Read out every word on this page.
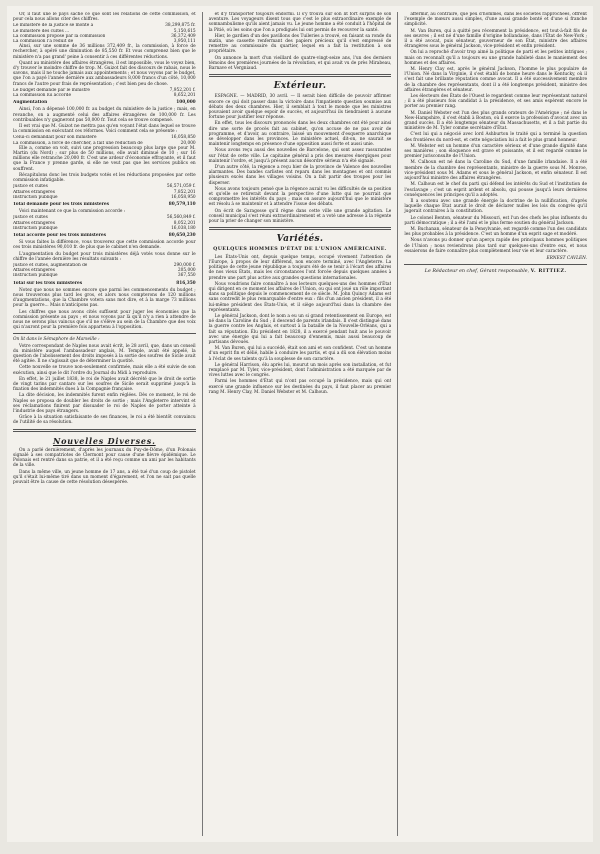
Or, il faut une le pays sache ce que sont les relations de cette commission, et pour cela nous allons citer des chiffres.

Le ministère de la justice se monte à	38,299,875 fr.
Le ministère des cultes ...	5,150,615
La commission propose par la commission	36,372,409
La commission l'a réduit de	3,950,111

Ainsi, sur une somme de 36 millions 372,409 fr., la commission, à force de rechercher, à opéré une diminution de 85,550 fr. Et vous comprenez bien que le ministère n'a pas grand' peine à consentir à ces différentes réductions.

Quant au ministère des affaires étrangères, il est impossible, vous le voyez bien, d'y trouver le moindre chiffre de trop. M. Guizot fait des discours de rabais, nous le savons, mais il ne touche jamais aux appointements ; et nous voyons par le budget, que l'on a payé l'année dernière aux ambassadeurs 8,000 francs d'un côté, 10,000 francs de l'autre pour frais de représentation ; c'est bien peu de chose.

Le budget demandé par le ministre	7,952,201 f.
La commission lui accorde	8,652,201
Augmentation	100,000

Ainsi, l'on a dépensé 100,000 fr. au budget du ministère de la justice ; mais, en revanche, on a augmenté celui des affaires étrangères de 100,000 fr. Les contribuables n'y gagneront pas 50,000 fr. Tout cela se trouve compensé.

Il est vrai que M. Guizot ne mettra pas qu'en voyant l'état dans lequel se trouve la commission en exécutant ces réformes. Voici comment cela se présente :

Celui-ci demandait pour son ministère	16,058,850
La commission, à force de chercher, a fait une réduction de	20,000

Elle a, comme on voit, suivi une progression beaucoup plus large que pour M. Martin (du Nord) ; sur plus de 50 millions, elle avait diminué de 10 ; sur 16 millions elle retranche 20,000 fr. C'est une ardeur d'économie effrayante, et il faut que la France y prenne garde, si elle ne veut pas que les services publics en souffrent.

Récapitulons donc les trois budgets votés et les réductions proposées par cette commission infatigable.

Justice et cultes	56,571,059 f.
Affaires étrangères	7,852,201
Instruction publique	16,058,950
Total demandé pour les trois ministères	80,579,110

Voici maintenant ce que la commission accorde :

Justice et cultes	56,560,849 f.
Affaires étrangères	8,052,201
Instruction publique	16,038,180
Total accordé pour les trois ministères	80,650,230

Si vous faites la différence, vous trouverez que cette commission accorde pour ces trois ministères 90,010 fr. de plus que le cabinet n'en demande.

L'augmentation du budget pour trois ministères déjà votés vous donne sur le chiffre de l'année dernière les résultats suivants :

Justice et cultes, augmentation de	290,000 f.
Affaires étrangères	205,000
Instruction publique	367,550
Total sur les trois ministères	816,350

Notez que nous ne sommes encore que parmi les commencements du budget ; nous trouverons plus tard les gros, et alors nous compterons de 120 millions d'augmentations, que la Chambre votera sans mot dire, et à la marge 73 millions pour la guerre... Mais n'anticipons pas.

Les chiffres que nous avons cités suffisent pour juger les économies que la commission présente au pays ; et nous voyons par là qu'il n'y a rien à attendre de nous ne serons plus vaincus que s'il ne s'élève au sein de la Chambre que des voix qui n'auront pour la première fois appartenu à l'opposition.

On lit dans le Sémaphore de Marseille :

Votre correspondant de Naples nous avait écrit, le 28 avril, que, dans un conseil du ministère auquel l'ambassadeur anglais, M. Temple, avait été appelé, la question de l'abolissement des droits imposés à la sortie des soufres de Sicile avait été agitée. Il ne s'agissait que de déterminer la quotité.

Cette nouvelle se trouve non-seulement confirmée, mais elle a été suivie de son exécution, ainsi que le dit l'ordre du Journal du Midi à reproduire.

En effet, le 21 juillet 1838, le roi de Naples avait décrété que le droit de sortie de vingt tarins par cantaro sur les soufres de Sicile serait supprimé jusqu'à la fixation des indemnités dues à la Compagnie française.

La dite décision, les indemnités furent enfin réglées. Dès ce moment, le roi de Naples se proposa de doubler les droits de sortie ; mais l'Angleterre intervint et ses réclamations finirent par dissuader le roi de Naples de porter atteinte à l'industrie des pays étrangers.

Grâce à la situation satisfaisante de ses finances, le roi a été bientôt convaincu de l'utilité de sa résolution.

Nouvelles Diverses.

On a parlé dernièrement, d'après les journaux du Puy-de-Dôme, d'un Polonais signalé à ses compatriotes de Clermont pour cause d'une fièvre épidémique. Le Polonais est rentré dans sa patrie, et il a été reçu comme un ami par les habitants de la ville.

Dans la même ville, un jeune homme de 17 ans, a été tué d'un coup de pistolet qu'il s'était lui-même tiré dans un moment d'égarement, et l'on ne sait pas quelle pouvait être la cause de cette résolution désespérée.

et d'y transporter toujours endormi. Il s'y trouva sur son lit fort surpris de son aventure. Les voyageurs disent tous que c'est le plus extraordinaire exemple de somnambulisme qu'ils aient jamais vu. Le jeune homme a été conduit à l'hôpital de la Pitié, où les soins que l'on a prodigués lui ont permis de recouvrer la santé.

Hier, le gardien d'un des pavillons des Tuileries a trouvé, en faisant sa ronde du matin, une cassette renfermant des papiers précieux qu'il s'est empressé de remettre au commissaire du quartier, lequel en a fait la restitution à son propriétaire.

On annonce la mort d'un vieillard de quatre-vingt-seize ans, l'un des derniers témoins des premières journées de la révolution, et qui avait vu de près Mirabeau, Barnave et Vergniaud.

Extérieur.

ESPAGNE. — MADRID, 30 avril. — Il serait bien difficile de pouvoir affirmer encore ce qui doit passer dans la victoire dans l'impatiente question soumise aux débats des deux chambres. Hier, il semblait à tout le monde que les ministres pouvaient avoir quelque espoir de succès, et aujourd'hui ils tiendraient à aucune fortune pour justifier leur réponse.

En effet, tous les discours prononcés dans les deux chambres ont été pour ainsi dire une sorte de procès fait au cabinet, qu'on accuse de ne pas avoir de programme, et d'avoir, au contraire, laissé un mouvement d'esquerre anarchique se développer dans les provinces. Le ministère actuel, dit-on, ne saurait se maintenir longtemps en présence d'une opposition aussi forte et aussi unie.

Nous avons reçu aussi des nouvelles de Barcelone, qui sont assez rassurantes sur l'état de cette ville. Le capitaine général a pris des mesures énergiques pour maintenir l'ordre, et jusqu'à présent aucun désordre sérieux n'a été signalé.

D'un autre côté, la régence a reçu hier de la province de Valence des nouvelles alarmantes. Des bandes carlistes ont reparu dans les montagnes et ont commis plusieurs excès dans les villages voisins. On a fait partir des troupes pour les disperser.

Nous avons toujours pensé que la régence aurait vu les difficultés de sa position et qu'elle se retirerait devant la perspective d'une lutte qui ne pourrait que compromettre les intérêts du pays ; mais on assure aujourd'hui que le ministère est résolu à se maintenir et à attendre l'issue des débats.

On écrit de Saragosse qu'il règne dans cette ville une grande agitation. Le conseil municipal s'est réuni extraordinairement et a voté une adresse à la régente pour la prier de changer son ministère.

Variétés.
QUELQUES HOMMES D'ÉTAT DE L'UNION AMÉRICAINE.

Les États-Unis ont, depuis quelque temps, occupé vivement l'attention de l'Europe, à propos de leur différend, non encore terminé, avec l'Angleterre. La politique de cette jeune république a toujours été de se tenir à l'écart des affaires de nos vieux États, mais les circonstances l'ont forcée depuis quelques années à prendre une part plus active aux grandes questions internationales.

Nous voudrions faire connaître à nos lecteurs quelques-uns des hommes d'État qui dirigent en ce moment les affaires de l'Union, ou qui ont joué un rôle important dans sa politique depuis le commencement de ce siècle. M. John Quincy Adams est sans contredit le plus remarquable d'entre eux : fils d'un ancien président, il a été lui-même président des États-Unis, et il siège aujourd'hui dans la chambre des représentants.

Le général Jackson, dont le nom a eu un si grand retentissement en Europe, est né dans la Caroline du Sud ; il descend de parents irlandais. Il s'est distingué dans la guerre contre les Anglais, et surtout à la bataille de la Nouvelle-Orléans, qui a fait sa réputation. Élu président en 1828, il a exercé pendant huit ans le pouvoir avec une énergie qui lui a fait beaucoup d'ennemis, mais aussi beaucoup de partisans dévoués.

M. Van Buren, qui lui a succédé, était son ami et son confident. C'est un homme d'un esprit fin et délié, habile à conduire les partis, et qui a dû son élévation moins à l'éclat de ses talents qu'à la souplesse de son caractère.

Le général Harrison, élu après lui, mourut un mois après son installation, et fut remplacé par M. Tyler, vice-président, dont l'administration a été marquée par de vives luttes avec le congrès.

Parmi les hommes d'État qui n'ont pas occupé la présidence, mais qui ont exercé une grande influence sur les destinées du pays, il faut placer au premier rang M. Henry Clay, M. Daniel Webster et M. Calhoun.

affermir, au contraire, que peu d'hommes, dans les sociétés rapprochées, offrent l'exemple de mœurs aussi simples, d'une aussi grande bonté et d'une si franche simplicité.

M. Van Buren, qui a quitté peu récemment la présidence, est tout-à-fait fils de ses œuvres ; il est né d'une famille d'origine hollandaise, dans l'État de New-York ; il a été avocat, puis sénateur, gouverneur de son État, ministre des affaires étrangères sous le général Jackson, vice-président et enfin président.

On lui a reproché d'avoir trop aimé la politique de parti et les petites intrigues ; mais on reconnaît qu'il a toujours eu une grande habileté dans le maniement des hommes et des affaires.

M. Henry Clay est, après le général Jackson, l'homme le plus populaire de l'Union. Né dans la Virginie, il s'est établi de bonne heure dans le Kentucky, où il s'est fait une brillante réputation comme avocat. Il a été successivement membre de la chambre des représentants, dont il a été longtemps président, ministre des affaires étrangères et sénateur.

Les électeurs des États de l'Ouest le regardent comme leur représentant naturel ; il a été plusieurs fois candidat à la présidence, et ses amis espèrent encore le porter au premier rang.

M. Daniel Webster est l'un des plus grands orateurs de l'Amérique ; né dans le New-Hampshire, il s'est établi à Boston, où il exerce la profession d'avocat avec un grand succès. Il a été longtemps sénateur du Massachusetts, et il a fait partie du ministère de M. Tyler comme secrétaire d'État.

C'est lui qui a négocié avec lord Ashburton le traité qui a terminé la question des frontières du nord-est, et cette négociation lui a fait le plus grand honneur.

M. Webster est un homme d'un caractère sérieux et d'une grande dignité dans ses manières ; son éloquence est grave et puissante, et il est regardé comme le premier jurisconsulte de l'Union.

M. Calhoun est né dans la Caroline du Sud, d'une famille irlandaise. Il a été membre de la chambre des représentants, ministre de la guerre sous M. Monroe, vice-président sous M. Adams et sous le général Jackson, et enfin sénateur. Il est aujourd'hui ministre des affaires étrangères.

M. Calhoun est le chef du parti qui défend les intérêts du Sud et l'institution de l'esclavage ; c'est un esprit ardent et absolu, qui pousse jusqu'à leurs dernières conséquences les principes qu'il a adoptés.

Il a soutenu avec une grande énergie la doctrine de la nullification, d'après laquelle chaque État aurait le droit de déclarer nulles les lois du congrès qu'il jugerait contraires à la constitution.

Le colonel Benton, sénateur du Missouri, est l'un des chefs les plus influents du parti démocratique ; il a été l'ami et le plus ferme soutien du général Jackson.

M. Buchanan, sénateur de la Pensylvanie, est regardé comme l'un des candidats les plus probables à la présidence. C'est un homme d'un esprit sage et modéré.

Nous n'avons pu donner qu'un aperçu rapide des principaux hommes politiques de l'Union ; nous reviendrons plus tard sur quelques-uns d'entre eux, et nous essaierons de faire connaître plus complètement leur vie et leur caractère.

ERNEST CAVLEN.
Le Rédacteur en chef, Gérant responsable, V. RITTIEZ.
